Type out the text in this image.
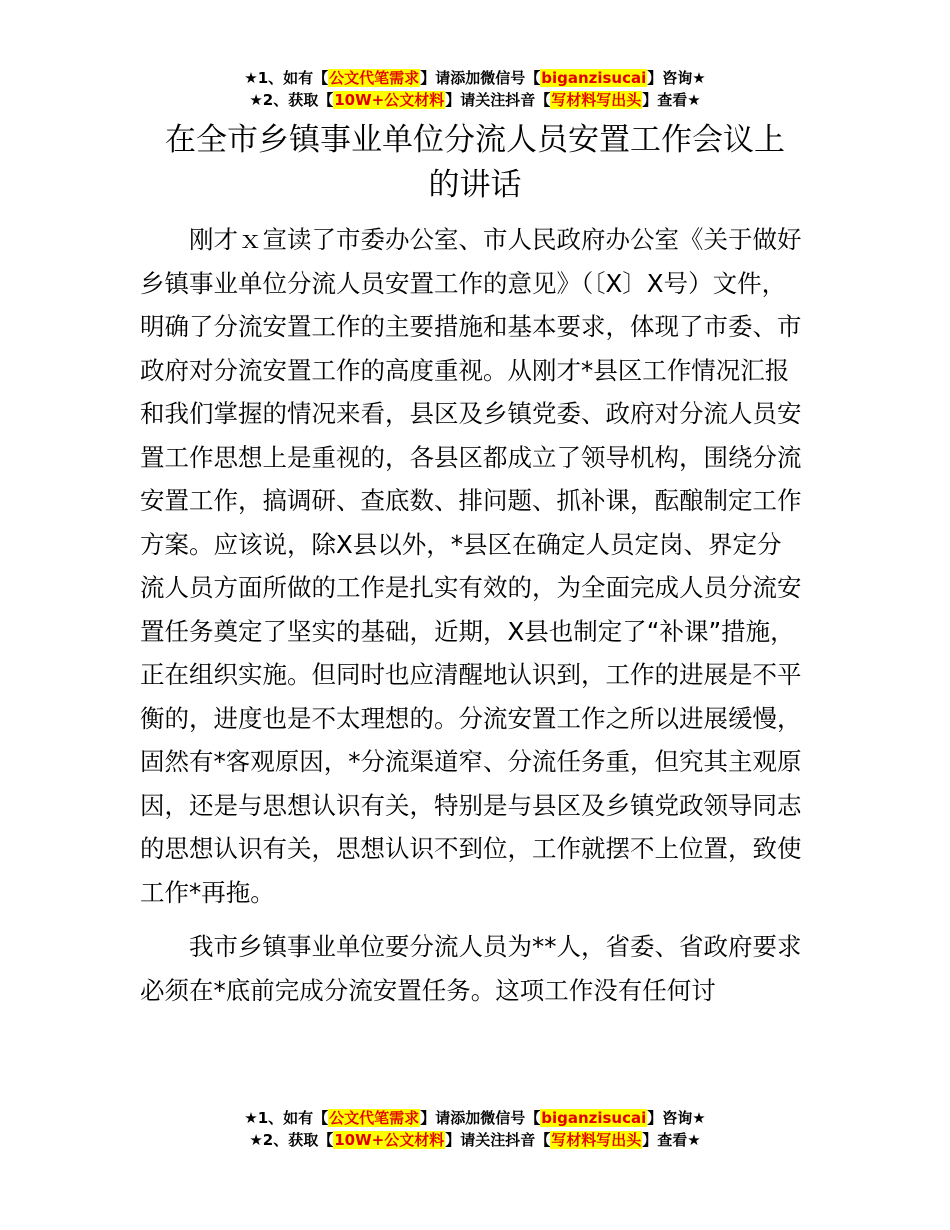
★1、如有【公文代笔需求】请添加微信号【biganzisucai】咨询★
★2、获取【10W+公文材料】请关注抖音【写材料写出头】查看★
在全市乡镇事业单位分流人员安置工作会议上
的讲话

刚才ｘ宣读了市委办公室、市人民政府办公室《关于做好
乡镇事业单位分流人员安置工作的意见》（〔X〕X号）文件，
明确了分流安置工作的主要措施和基本要求，体现了市委、市
政府对分流安置工作的高度重视。从刚才*县区工作情况汇报
和我们掌握的情况来看，县区及乡镇党委、政府对分流人员安
置工作思想上是重视的，各县区都成立了领导机构，围绕分流
安置工作，搞调研、查底数、排问题、抓补课，酝酿制定工作
方案。应该说，除X县以外，*县区在确定人员定岗、界定分
流人员方面所做的工作是扎实有效的，为全面完成人员分流安
置任务奠定了坚实的基础，近期，X县也制定了“补课”措施，
正在组织实施。但同时也应清醒地认识到，工作的进展是不平
衡的，进度也是不太理想的。分流安置工作之所以进展缓慢，
固然有*客观原因，*分流渠道窄、分流任务重，但究其主观原
因，还是与思想认识有关，特别是与县区及乡镇党政领导同志
的思想认识有关，思想认识不到位，工作就摆不上位置，致使
工作*再拖。

我市乡镇事业单位要分流人员为**人，省委、省政府要求
必须在*底前完成分流安置任务。这项工作没有任何讨

★1、如有【公文代笔需求】请添加微信号【biganzisucai】咨询★
★2、获取【10W+公文材料】请关注抖音【写材料写出头】查看★
